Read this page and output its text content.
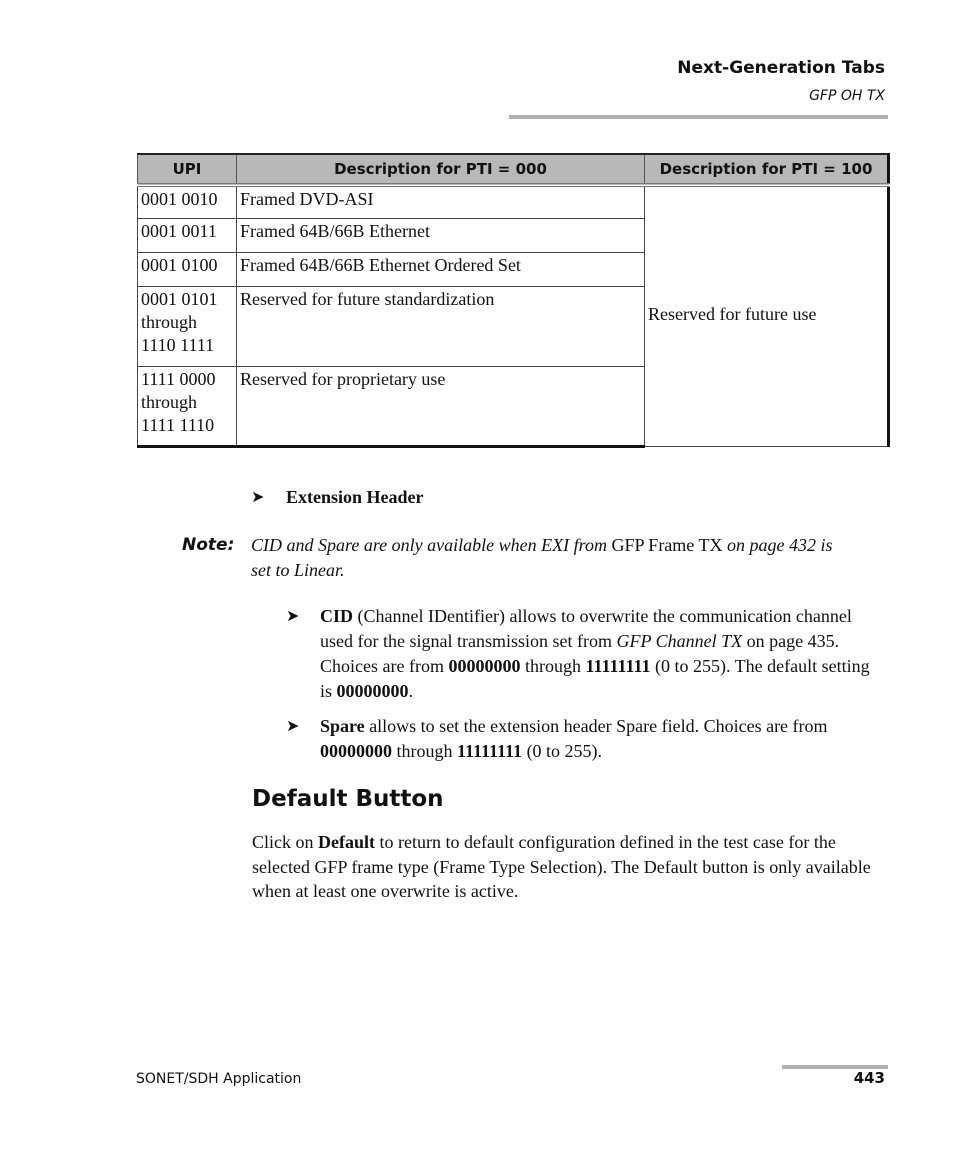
Next-Generation Tabs
GFP OH TX
UPI	Description for PTI = 000	Description for PTI = 100
0001 0010	Framed DVD-ASI	Reserved for future use
0001 0011	Framed 64B/66B Ethernet	
0001 0100	Framed 64B/66B Ethernet Ordered Set	
0001 0101
through
1110 1111	Reserved for future standardization	
1111 0000
through
1111 1110	Reserved for proprietary use	
➤ Extension Header
Note: CID and Spare are only available when EXI from GFP Frame TX on page 432 is set to Linear.
➤ CID (Channel IDentifier) allows to overwrite the communication channel used for the signal transmission set from GFP Channel TX on page 435. Choices are from 00000000 through 11111111 (0 to 255). The default setting is 00000000.
➤ Spare allows to set the extension header Spare field. Choices are from 00000000 through 11111111 (0 to 255).
Default Button
Click on Default to return to default configuration defined in the test case for the selected GFP frame type (Frame Type Selection). The Default button is only available when at least one overwrite is active.
SONET/SDH Application	443
